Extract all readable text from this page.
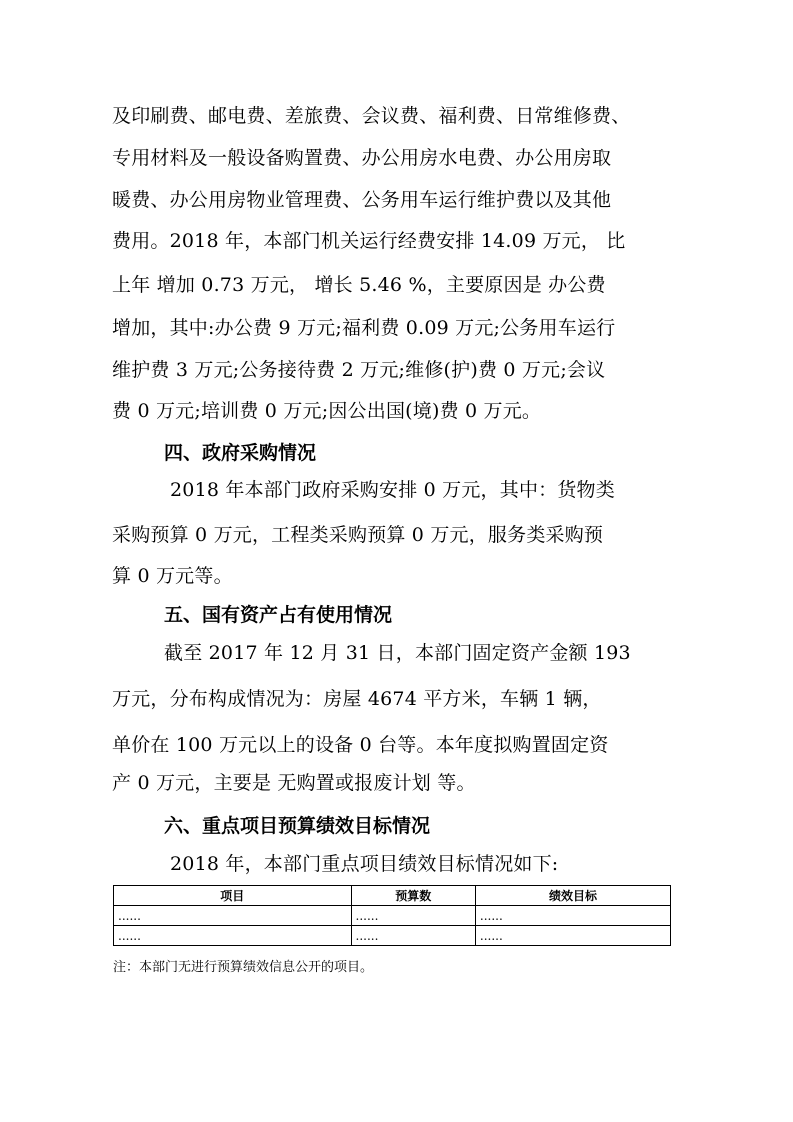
及印刷费、邮电费、差旅费、会议费、福利费、日常维修费、
专用材料及一般设备购置费、办公用房水电费、办公用房取
暖费、办公用房物业管理费、公务用车运行维护费以及其他
费用。2018 年，本部门机关运行经费安排 14.09 万元， 比
上年 增加 0.73 万元， 增长 5.46 %，主要原因是 办公费
增加，其中:办公费 9 万元;福利费 0.09 万元;公务用车运行
维护费 3 万元;公务接待费 2 万元;维修(护)费 0 万元;会议
费 0 万元;培训费 0 万元;因公出国(境)费 0 万元。
四、政府采购情况
2018 年本部门政府采购安排 0 万元，其中：货物类
采购预算 0 万元，工程类采购预算 0 万元，服务类采购预
算 0 万元等。
五、国有资产占有使用情况
截至 2017 年 12 月 31 日，本部门固定资产金额 193
万元，分布构成情况为：房屋 4674 平方米，车辆 1 辆，
单价在 100 万元以上的设备 0 台等。本年度拟购置固定资
产 0 万元，主要是 无购置或报废计划 等。
项目	预算数	绩效目标
......	......	......
......	......	......
注：本部门无进行预算绩效信息公开的项目。
六、重点项目预算绩效目标情况
2018 年，本部门重点项目绩效目标情况如下:
